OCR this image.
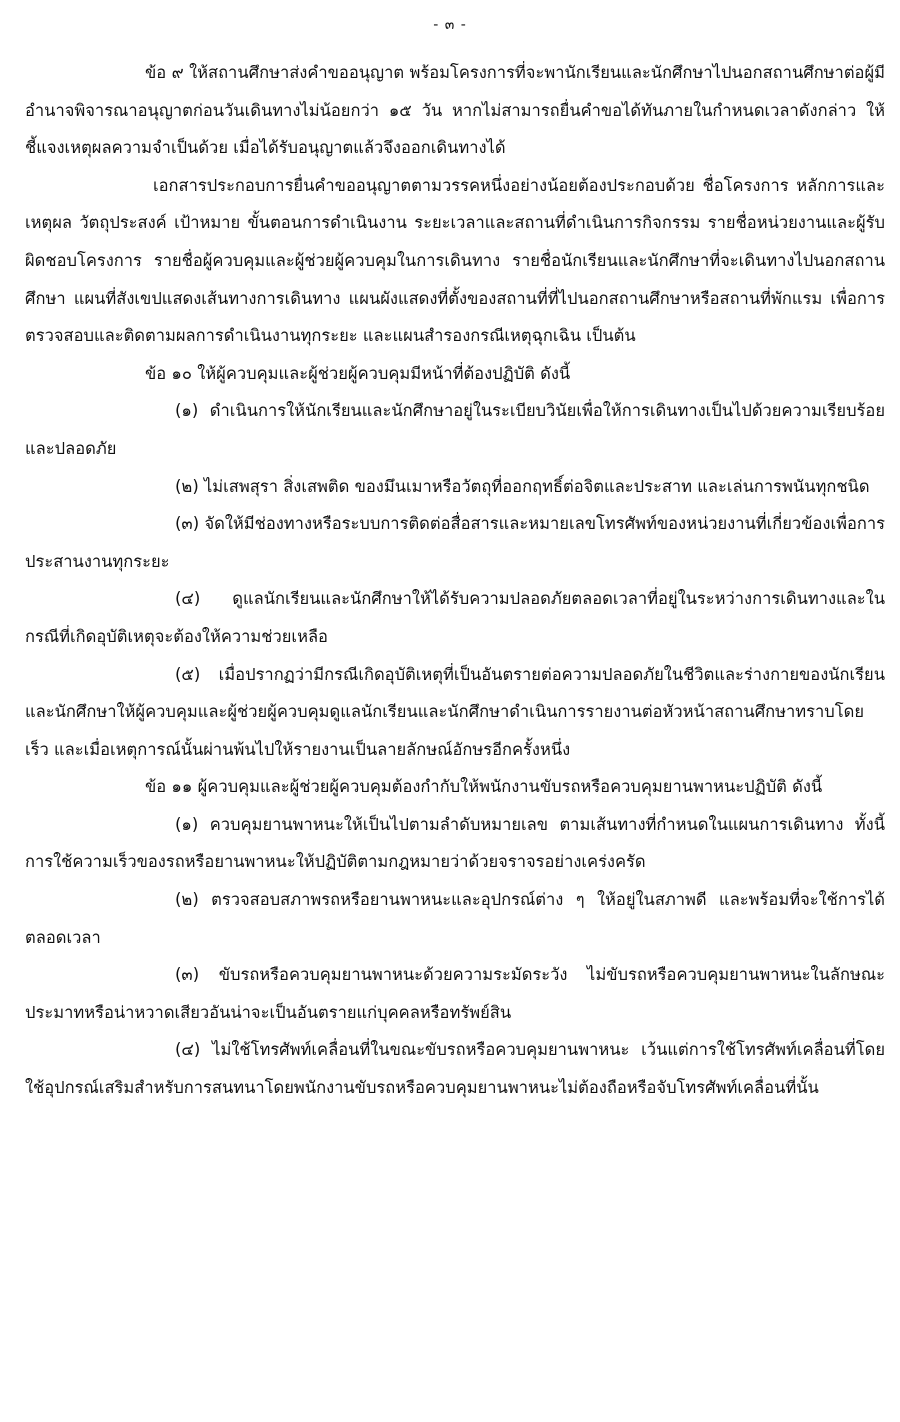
- ๓ -

ข้อ ๙ ให้สถานศึกษาส่งคำขออนุญาต พร้อมโครงการที่จะพานักเรียนและนักศึกษาไปนอกสถานศึกษาต่อผู้มีอำนาจพิจารณาอนุญาตก่อนวันเดินทางไม่น้อยกว่า ๑๕ วัน หากไม่สามารถยื่นคำขอได้ทันภายในกำหนดเวลาดังกล่าว ให้ชี้แจงเหตุผลความจำเป็นด้วย เมื่อได้รับอนุญาตแล้วจึงออกเดินทางได้

เอกสารประกอบการยื่นคำขออนุญาตตามวรรคหนึ่งอย่างน้อยต้องประกอบด้วย ชื่อโครงการ หลักการและเหตุผล วัตถุประสงค์ เป้าหมาย ขั้นตอนการดำเนินงาน ระยะเวลาและสถานที่ดำเนินการกิจกรรม รายชื่อหน่วยงานและผู้รับผิดชอบโครงการ รายชื่อผู้ควบคุมและผู้ช่วยผู้ควบคุมในการเดินทาง รายชื่อนักเรียนและนักศึกษาที่จะเดินทางไปนอกสถานศึกษา แผนที่สังเขปแสดงเส้นทางการเดินทาง แผนผังแสดงที่ตั้งของสถานที่ที่ไปนอกสถานศึกษาหรือสถานที่พักแรม เพื่อการตรวจสอบและติดตามผลการดำเนินงานทุกระยะ และแผนสำรองกรณีเหตุฉุกเฉิน เป็นต้น

ข้อ ๑๐ ให้ผู้ควบคุมและผู้ช่วยผู้ควบคุมมีหน้าที่ต้องปฏิบัติ ดังนี้

(๑) ดำเนินการให้นักเรียนและนักศึกษาอยู่ในระเบียบวินัยเพื่อให้การเดินทางเป็นไปด้วยความเรียบร้อยและปลอดภัย

(๒) ไม่เสพสุรา สิ่งเสพติด ของมึนเมาหรือวัตถุที่ออกฤทธิ์ต่อจิตและประสาท และเล่นการพนันทุกชนิด

(๓) จัดให้มีช่องทางหรือระบบการติดต่อสื่อสารและหมายเลขโทรศัพท์ของหน่วยงานที่เกี่ยวข้องเพื่อการประสานงานทุกระยะ

(๔) ดูแลนักเรียนและนักศึกษาให้ได้รับความปลอดภัยตลอดเวลาที่อยู่ในระหว่างการเดินทางและในกรณีที่เกิดอุบัติเหตุจะต้องให้ความช่วยเหลือ

(๕) เมื่อปรากฏว่ามีกรณีเกิดอุบัติเหตุที่เป็นอันตรายต่อความปลอดภัยในชีวิตและร่างกายของนักเรียนและนักศึกษาให้ผู้ควบคุมและผู้ช่วยผู้ควบคุมดูแลนักเรียนและนักศึกษาดำเนินการรายงานต่อหัวหน้าสถานศึกษาทราบโดยเร็ว และเมื่อเหตุการณ์นั้นผ่านพ้นไปให้รายงานเป็นลายลักษณ์อักษรอีกครั้งหนึ่ง

ข้อ ๑๑ ผู้ควบคุมและผู้ช่วยผู้ควบคุมต้องกำกับให้พนักงานขับรถหรือควบคุมยานพาหนะปฏิบัติ ดังนี้

(๑) ควบคุมยานพาหนะให้เป็นไปตามลำดับหมายเลข ตามเส้นทางที่กำหนดในแผนการเดินทาง ทั้งนี้ การใช้ความเร็วของรถหรือยานพาหนะให้ปฏิบัติตามกฎหมายว่าด้วยจราจรอย่างเคร่งครัด

(๒) ตรวจสอบสภาพรถหรือยานพาหนะและอุปกรณ์ต่าง ๆ ให้อยู่ในสภาพดี และพร้อมที่จะใช้การได้ตลอดเวลา

(๓) ขับรถหรือควบคุมยานพาหนะด้วยความระมัดระวัง ไม่ขับรถหรือควบคุมยานพาหนะในลักษณะประมาทหรือน่าหวาดเสียวอันน่าจะเป็นอันตรายแก่บุคคลหรือทรัพย์สิน

(๔) ไม่ใช้โทรศัพท์เคลื่อนที่ในขณะขับรถหรือควบคุมยานพาหนะ เว้นแต่การใช้โทรศัพท์เคลื่อนที่โดยใช้อุปกรณ์เสริมสำหรับการสนทนาโดยพนักงานขับรถหรือควบคุมยานพาหนะไม่ต้องถือหรือจับโทรศัพท์เคลื่อนที่นั้น
